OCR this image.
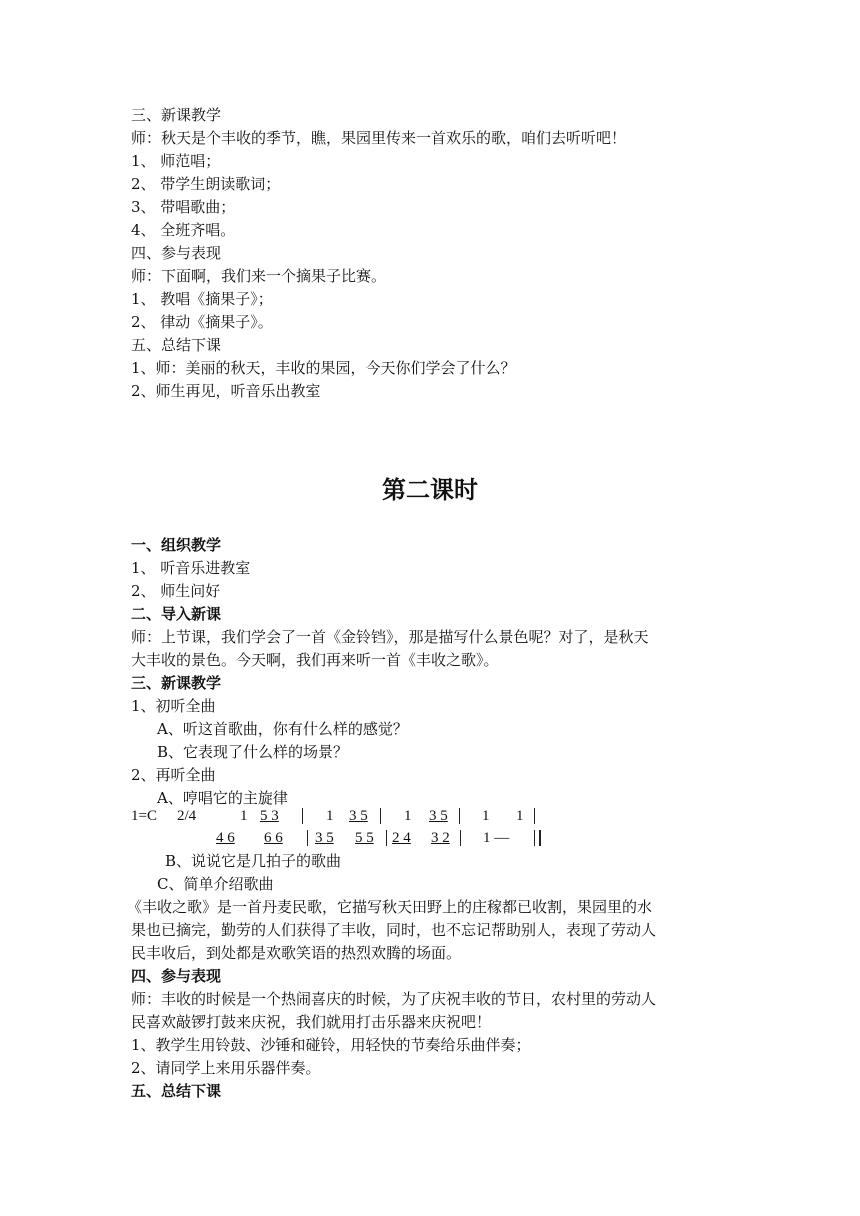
三、新课教学
师：秋天是个丰收的季节，瞧，果园里传来一首欢乐的歌，咱们去听听吧！
1、 师范唱；
2、 带学生朗读歌词；
3、 带唱歌曲；
4、 全班齐唱。
四、参与表现
师：下面啊，我们来一个摘果子比赛。
1、 教唱《摘果子》；
2、 律动《摘果子》。
五、总结下课
1、师：美丽的秋天，丰收的果园，今天你们学会了什么？
2、师生再见，听音乐出教室
第二课时
一、组织教学
1、 听音乐进教室
2、 师生问好
二、导入新课
师：上节课，我们学会了一首《金铃铛》，那是描写什么景色呢？对了，是秋天
大丰收的景色。今天啊，我们再来听一首《丰收之歌》。
三、新课教学
1、初听全曲
A、听这首歌曲，你有什么样的感觉？
B、它表现了什么样的场景？
2、再听全曲
A、哼唱它的主旋律
1=C 2/4	1 5 3	1 3 5 1 3 5 1 1
4 6 6 6 3 5 5 5 2 4 3 2 1 —
B、说说它是几拍子的歌曲
C、简单介绍歌曲
《丰收之歌》是一首丹麦民歌，它描写秋天田野上的庄稼都已收割，果园里的水
果也已摘完，勤劳的人们获得了丰收，同时，也不忘记帮助别人，表现了劳动人
民丰收后，到处都是欢歌笑语的热烈欢腾的场面。
四、参与表现
师：丰收的时候是一个热闹喜庆的时候，为了庆祝丰收的节日，农村里的劳动人
民喜欢敲锣打鼓来庆祝，我们就用打击乐器来庆祝吧！
1、教学生用铃鼓、沙锤和碰铃，用轻快的节奏给乐曲伴奏；
2、请同学上来用乐器伴奏。
五、总结下课
